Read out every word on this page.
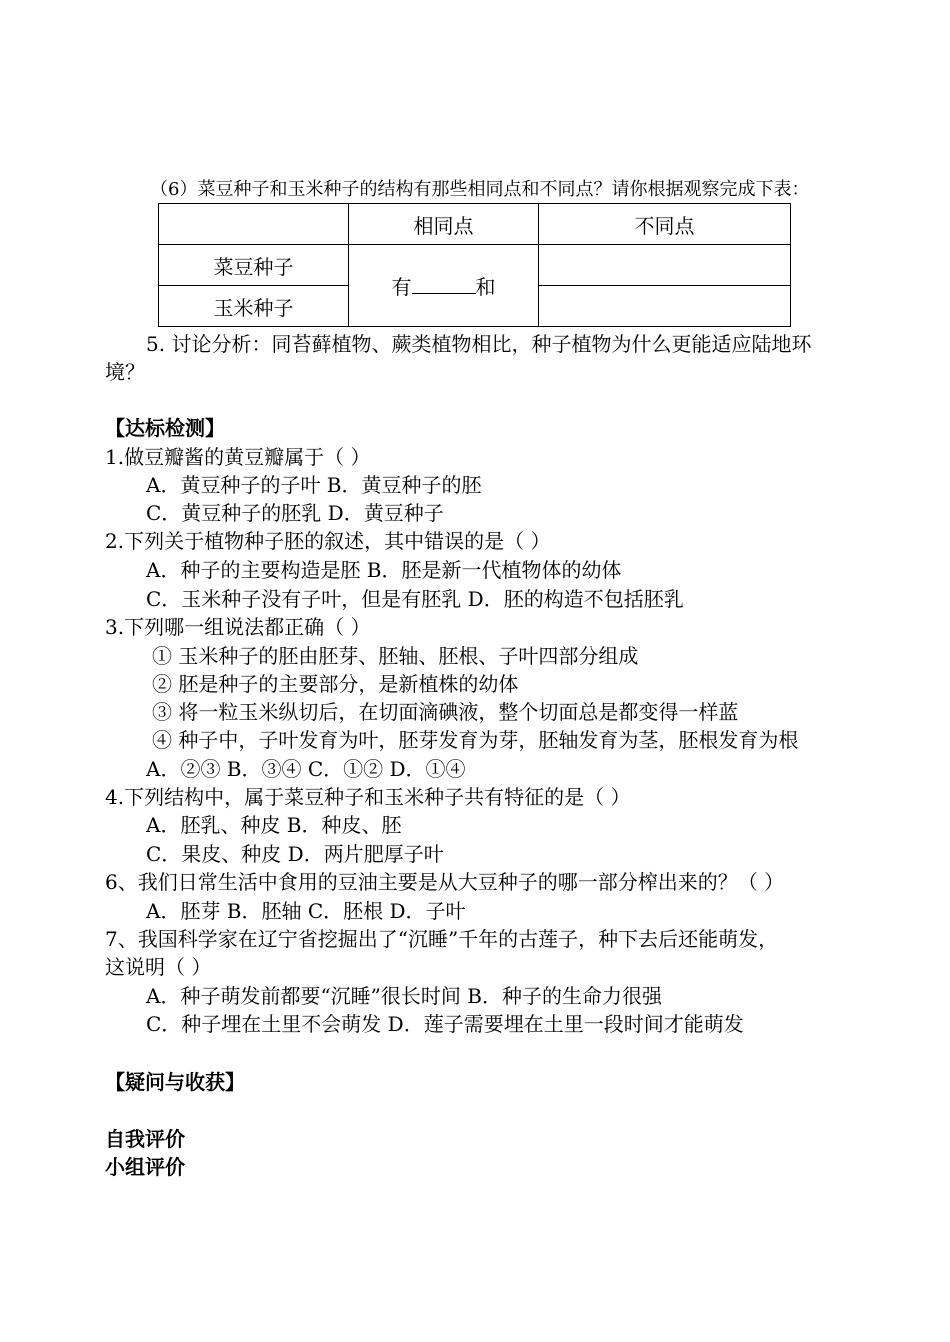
（6）菜豆种子和玉米种子的结构有那些相同点和不同点？请你根据观察完成下表：
	相同点	不同点
菜豆种子	有 和	
玉米种子		
5. 讨论分析：同苔藓植物、蕨类植物相比，种子植物为什么更能适应陆地环
境？
【达标检测】
1.做豆瓣酱的黄豆瓣属于（ ）
A．黄豆种子的子叶 B．黄豆种子的胚
C．黄豆种子的胚乳 D．黄豆种子
2.下列关于植物种子胚的叙述，其中错误的是（ ）
A．种子的主要构造是胚 B．胚是新一代植物体的幼体
C．玉米种子没有子叶，但是有胚乳 D．胚的构造不包括胚乳
3.下列哪一组说法都正确（ ）
① 玉米种子的胚由胚芽、胚轴、胚根、子叶四部分组成
② 胚是种子的主要部分，是新植株的幼体
③ 将一粒玉米纵切后，在切面滴碘液，整个切面总是都变得一样蓝
④ 种子中，子叶发育为叶，胚芽发育为芽，胚轴发育为茎，胚根发育为根
A．②③ B．③④ C．①② D．①④
4.下列结构中，属于菜豆种子和玉米种子共有特征的是（ ）
A．胚乳、种皮 B．种皮、胚
C．果皮、种皮 D．两片肥厚子叶
6、我们日常生活中食用的豆油主要是从大豆种子的哪一部分榨出来的？（ ）
A．胚芽 B．胚轴 C．胚根 D．子叶
7、我国科学家在辽宁省挖掘出了“沉睡”千年的古莲子，种下去后还能萌发，
这说明（ ）
A．种子萌发前都要“沉睡”很长时间 B．种子的生命力很强
C．种子埋在土里不会萌发 D．莲子需要埋在土里一段时间才能萌发
【疑问与收获】
自我评价
小组评价
